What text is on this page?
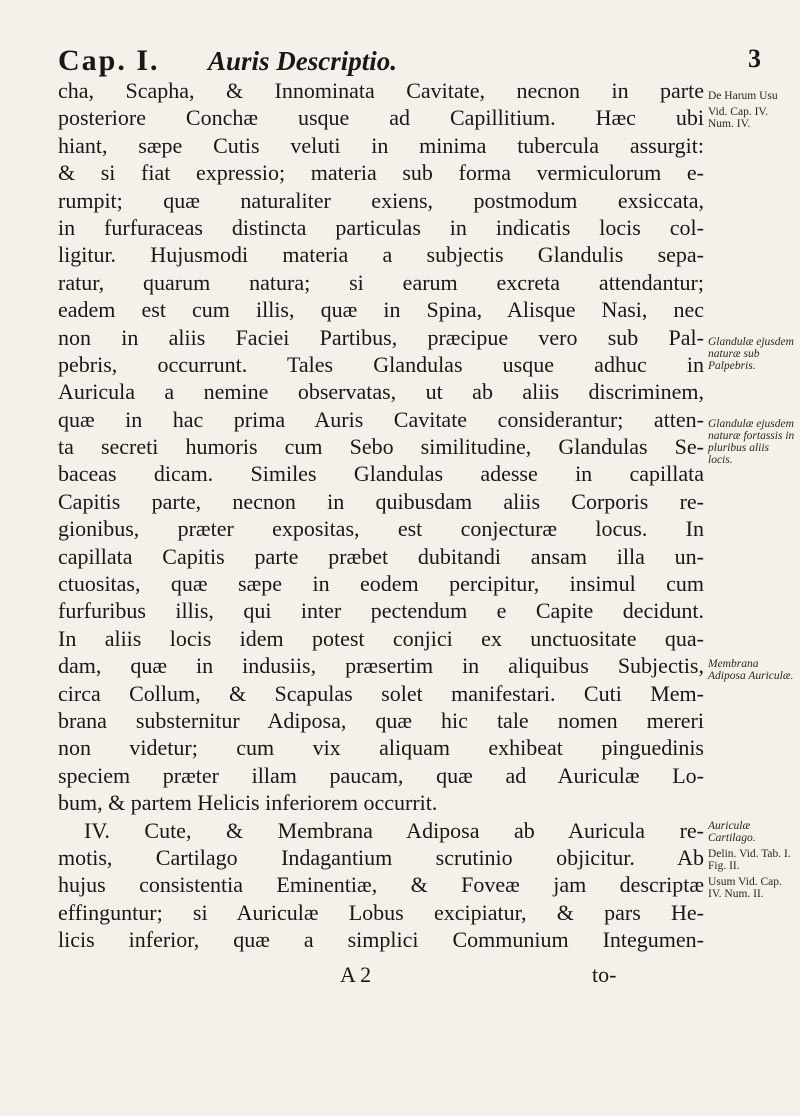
Cap. I. Auris Descriptio.	3
cha, Scapha, & Innominata Cavitate, necnon in parte
posteriore Conchæ usque ad Capillitium. Hæc ubi
hiant, sæpe Cutis veluti in minima tubercula assurgit:
& si fiat expressio; materia sub forma vermiculorum e-
rumpit; quæ naturaliter exiens, postmodum exsiccata,
in furfuraceas distincta particulas in indicatis locis col-
ligitur. Hujusmodi materia a subjectis Glandulis sepa-
ratur, quarum natura; si earum excreta attendantur;
eadem est cum illis, quæ in Spina, Alisque Nasi, nec
non in aliis Faciei Partibus, præcipue vero sub Pal-
pebris, occurrunt. Tales Glandulas usque adhuc in
Auricula a nemine observatas, ut ab aliis discriminem,
quæ in hac prima Auris Cavitate considerantur; atten-
ta secreti humoris cum Sebo similitudine, Glandulas Se-
baceas dicam. Similes Glandulas adesse in capillata
Capitis parte, necnon in quibusdam aliis Corporis re-
gionibus, præter expositas, est conjecturæ locus. In
capillata Capitis parte præbet dubitandi ansam illa un-
ctuositas, quæ sæpe in eodem percipitur, insimul cum
furfuribus illis, qui inter pectendum e Capite decidunt.
In aliis locis idem potest conjici ex unctuositate qua-
dam, quæ in indusiis, præsertim in aliquibus Subjectis,
circa Collum, & Scapulas solet manifestari. Cuti Mem-
brana substernitur Adiposa, quæ hic tale nomen mereri
non videtur; cum vix aliquam exhibeat pinguedinis
speciem præter illam paucam, quæ ad Auriculæ Lo-
bum, & partem Helicis inferiorem occurrit.
IV. Cute, & Membrana Adiposa ab Auricula re-
motis, Cartilago Indagantium scrutinio objicitur. Ab
hujus consistentia Eminentiæ, & Foveæ jam descriptæ
effinguntur; si Auriculæ Lobus excipiatur, & pars He-
licis inferior, quæ a simplici Communium Integumen-
A 2	to-
De Harum Usu
Vid. Cap. IV. Num. IV.
Glandulæ ejusdem naturæ sub Palpebris.
Glandulæ ejusdem naturæ fortassis in pluribus aliis locis.
Membrana Adiposa Auriculæ.
Auriculæ Cartilago.
Delin. Vid. Tab. I. Fig. II.
Usum Vid. Cap. IV. Num. II.
